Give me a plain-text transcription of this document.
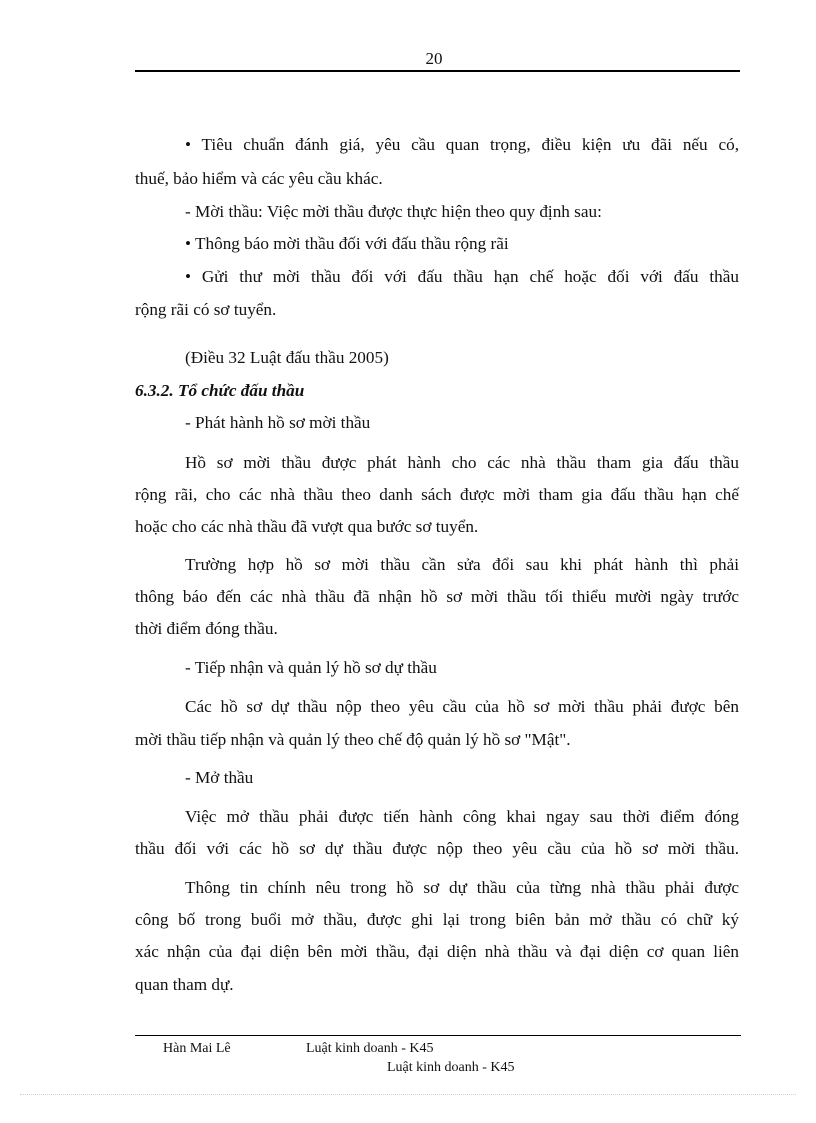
20
• Tiêu chuẩn đánh giá, yêu cầu quan trọng, điều kiện ưu đãi nếu có,
thuế, bảo hiểm và các yêu cầu khác.
- Mời thầu: Việc mời thầu được thực hiện theo quy định sau:
• Thông báo mời thầu đối với đấu thầu rộng rãi
• Gửi thư mời thầu đối với đấu thầu hạn chế hoặc đối với đấu thầu
rộng rãi có sơ tuyển.
(Điều 32 Luật đấu thầu 2005)
6.3.2. Tổ chức đấu thầu
- Phát hành hồ sơ mời thầu
Hồ sơ mời thầu được phát hành cho các nhà thầu tham gia đấu thầu
rộng rãi, cho các nhà thầu theo danh sách được mời tham gia đấu thầu hạn chế
hoặc cho các nhà thầu đã vượt qua bước sơ tuyển.
Trường hợp hồ sơ mời thầu cần sửa đổi sau khi phát hành thì phải
thông báo đến các nhà thầu đã nhận hồ sơ mời thầu tối thiểu mười ngày trước
thời điểm đóng thầu.
- Tiếp nhận và quản lý hồ sơ dự thầu
Các hồ sơ dự thầu nộp theo yêu cầu của hồ sơ mời thầu phải được bên
mời thầu tiếp nhận và quản lý theo chế độ quản lý hồ sơ "Mật".
- Mở thầu
Việc mở thầu phải được tiến hành công khai ngay sau thời điểm đóng
thầu đối với các hồ sơ dự thầu được nộp theo yêu cầu của hồ sơ mời thầu.
Thông tin chính nêu trong hồ sơ dự thầu của từng nhà thầu phải được
công bố trong buổi mở thầu, được ghi lại trong biên bản mở thầu có chữ ký
xác nhận của đại diện bên mời thầu, đại diện nhà thầu và đại diện cơ quan liên
quan tham dự.
Hàn Mai Lê	Luật kinh doanh - K45
Luật kinh doanh - K45
